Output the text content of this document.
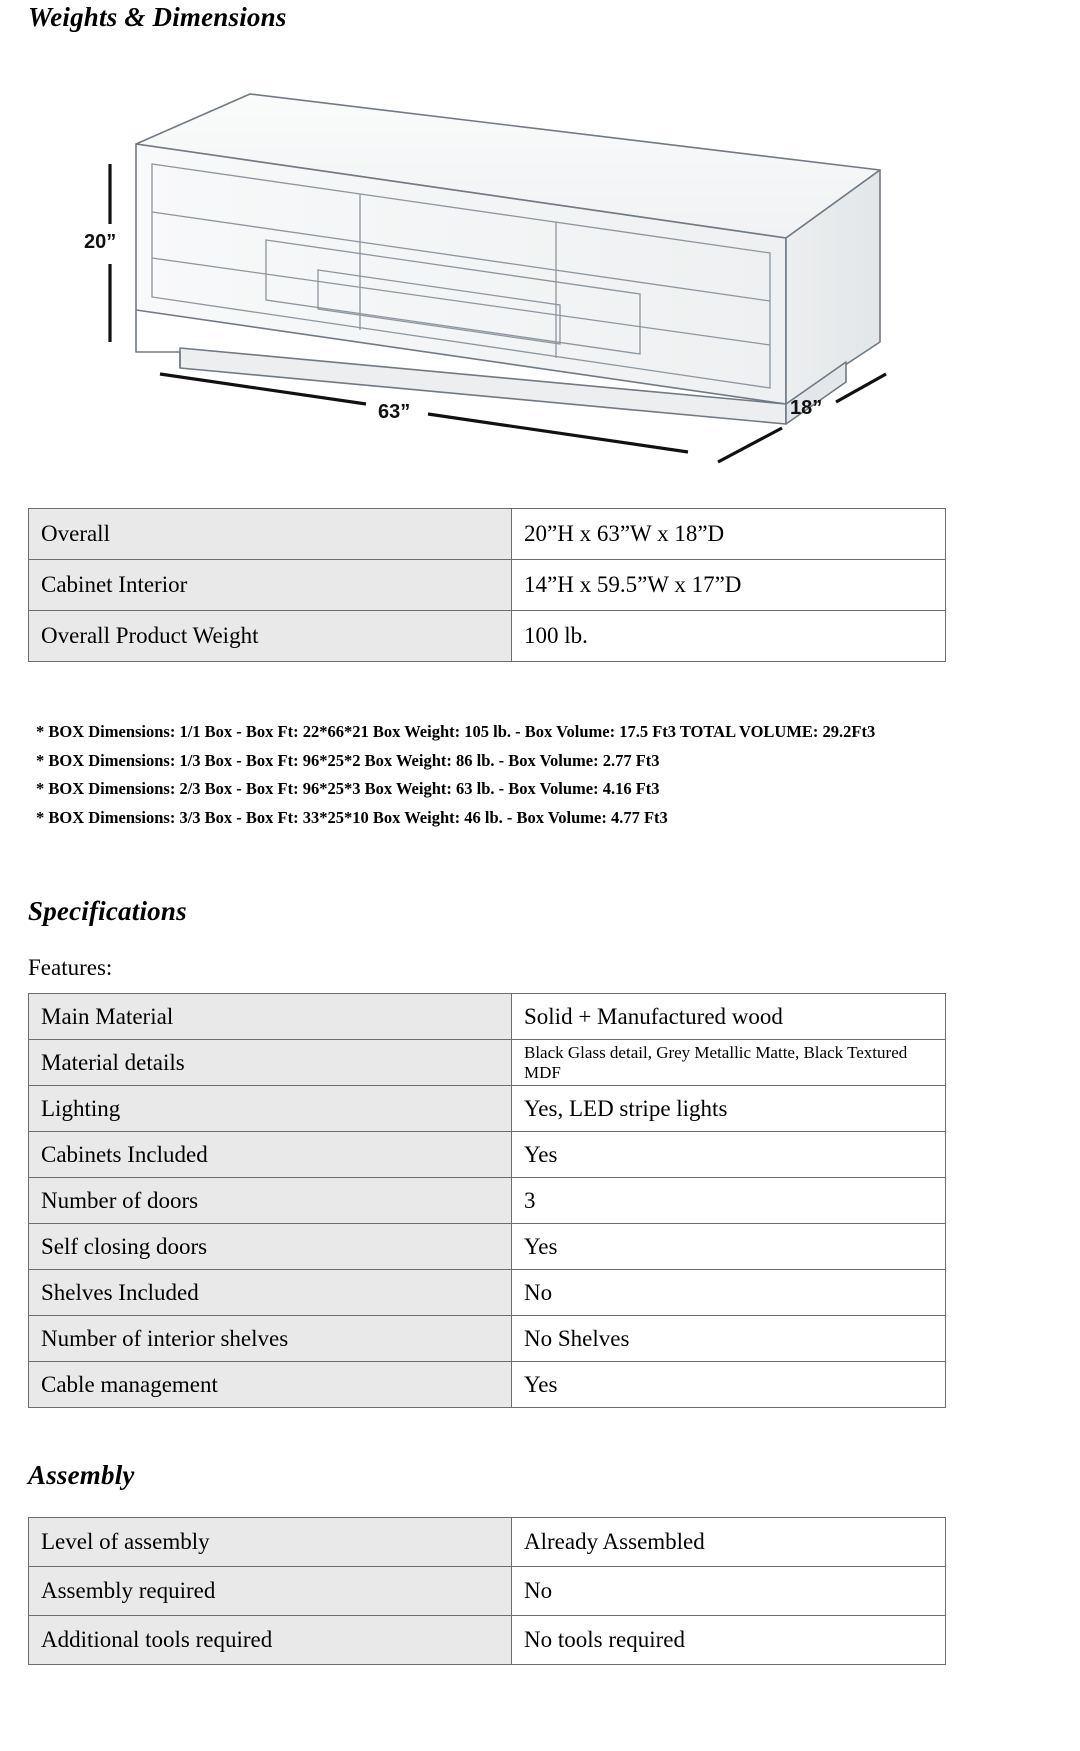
Weights & Dimensions
20”
63”	18”
Overall	20”H x 63”W x 18”D
Cabinet Interior	14”H x 59.5”W x 17”D
Overall Product Weight	100 lb.
* BOX Dimensions: 1/1 Box - Box Ft: 22*66*21 Box Weight: 105 lb. - Box Volume: 17.5 Ft3 TOTAL VOLUME: 29.2Ft3
* BOX Dimensions: 1/3 Box - Box Ft: 96*25*2 Box Weight: 86 lb. - Box Volume: 2.77 Ft3
* BOX Dimensions: 2/3 Box - Box Ft: 96*25*3 Box Weight: 63 lb. - Box Volume: 4.16 Ft3
* BOX Dimensions: 3/3 Box - Box Ft: 33*25*10 Box Weight: 46 lb. - Box Volume: 4.77 Ft3
Specifications
Features:
Main Material	Solid + Manufactured wood
Material details	Black Glass detail, Grey Metallic Matte, Black Textured MDF
Lighting	Yes, LED stripe lights
Cabinets Included	Yes
Number of doors	3
Self closing doors	Yes
Shelves Included	No
Number of interior shelves	No Shelves
Cable management	Yes
Assembly
Level of assembly	Already Assembled
Assembly required	No
Additional tools required	No tools required
